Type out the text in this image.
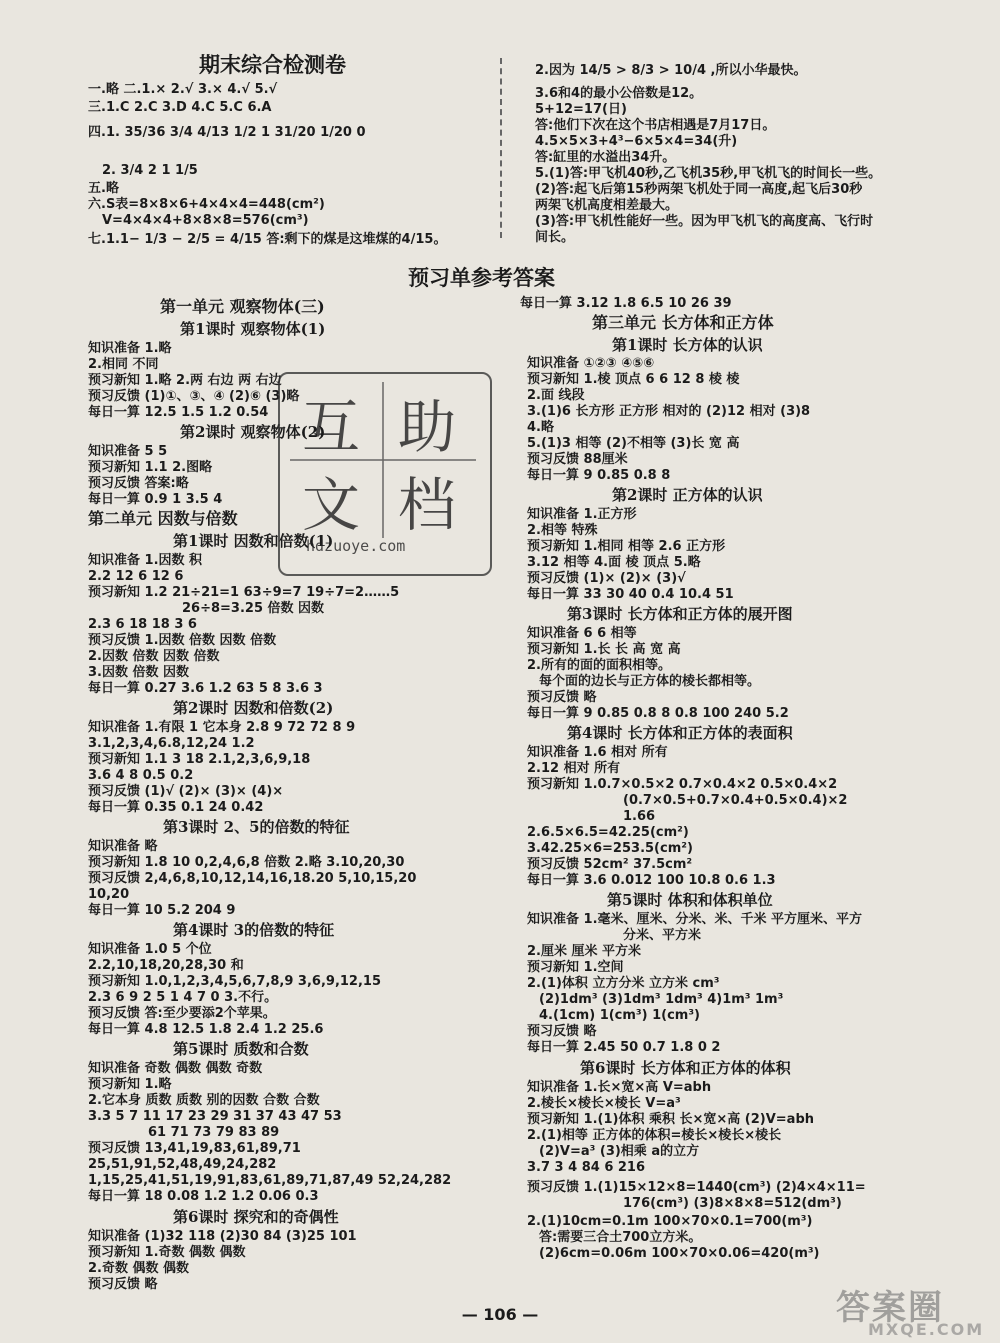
期末综合检测卷
一.略 二.1.× 2.√ 3.× 4.√ 5.√
三.1.C 2.C 3.D 4.C 5.C 6.A
四.1. 35/36 3/4 4/13 1/2 1 31/20 1/20 0
2. 3/4 2 1 1/5
五.略
六.S表=8×8×6+4×4×4=448(cm²)
V=4×4×4+8×8×8=576(cm³)
七.1.1− 1/3 − 2/5 = 4/15 答:剩下的煤是这堆煤的4/15。
预习单参考答案
第一单元 观察物体(三)
第1课时 观察物体(1)
知识准备 1.略
2.相同 不同
预习新知 1.略 2.两 右边 两 右边
预习反馈 (1)①、③、④ (2)⑥ (3)略
每日一算 12.5 1.5 1.2 0.54
第2课时 观察物体(2)
知识准备 5 5
预习新知 1.1 2.图略
预习反馈 答案:略
每日一算 0.9 1 3.5 4
第二单元 因数与倍数
第1课时 因数和倍数(1)
知识准备 1.因数 积
2.2 12 6 12 6
预习新知 1.2 21÷21=1 63÷9=7 19÷7=2……5
26÷8=3.25 倍数 因数
2.3 6 18 18 3 6
预习反馈 1.因数 倍数 因数 倍数
2.因数 倍数 因数 倍数
3.因数 倍数 因数
每日一算 0.27 3.6 1.2 63 5 8 3.6 3
第2课时 因数和倍数(2)
知识准备 1.有限 1 它本身 2.8 9 72 72 8 9
3.1,2,3,4,6.8,12,24 1.2
预习新知 1.1 3 18 2.1,2,3,6,9,18
3.6 4 8 0.5 0.2
预习反馈 (1)√ (2)× (3)× (4)×
每日一算 0.35 0.1 24 0.42
第3课时 2、5的倍数的特征
知识准备 略
预习新知 1.8 10 0,2,4,6,8 倍数 2.略 3.10,20,30
预习反馈 2,4,6,8,10,12,14,16,18.20 5,10,15,20
10,20
每日一算 10 5.2 204 9
第4课时 3的倍数的特征
知识准备 1.0 5 个位
2.2,10,18,20,28,30 和
预习新知 1.0,1,2,3,4,5,6,7,8,9 3,6,9,12,15
2.3 6 9 2 5 1 4 7 0 3.不行。
预习反馈 答:至少要添2个苹果。
每日一算 4.8 12.5 1.8 2.4 1.2 25.6
第5课时 质数和合数
知识准备 奇数 偶数 偶数 奇数
预习新知 1.略
2.它本身 质数 质数 别的因数 合数 合数
3.3 5 7 11 17 23 29 31 37 43 47 53
61 71 73 79 83 89
预习反馈 13,41,19,83,61,89,71
25,51,91,52,48,49,24,282
1,15,25,41,51,19,91,83,61,89,71,87,49 52,24,282
每日一算 18 0.08 1.2 1.2 0.06 0.3
第6课时 探究和的奇偶性
知识准备 (1)32 118 (2)30 84 (3)25 101
预习新知 1.奇数 偶数 偶数
2.奇数 偶数 偶数
预习反馈 略
2.因为 14/5 > 8/3 > 10/4 ,所以小华最快。
3.6和4的最小公倍数是12。
5+12=17(日)
答:他们下次在这个书店相遇是7月17日。
4.5×5×3+4³−6×5×4=34(升)
答:缸里的水溢出34升。
5.(1)答:甲飞机40秒,乙飞机35秒,甲飞机飞的时间长一些。
(2)答:起飞后第15秒两架飞机处于同一高度,起飞后30秒
两架飞机高度相差最大。
(3)答:甲飞机性能好一些。因为甲飞机飞的高度高、飞行时
间长。
每日一算 3.12 1.8 6.5 10 26 39
第三单元 长方体和正方体
第1课时 长方体的认识
知识准备 ①②③ ④⑤⑥
预习新知 1.棱 顶点 6 6 12 8 棱 棱
2.面 线段
3.(1)6 长方形 正方形 相对的 (2)12 相对 (3)8
4.略
5.(1)3 相等 (2)不相等 (3)长 宽 高
预习反馈 88厘米
每日一算 9 0.85 0.8 8
第2课时 正方体的认识
知识准备 1.正方形
2.相等 特殊
预习新知 1.相同 相等 2.6 正方形
3.12 相等 4.面 棱 顶点 5.略
预习反馈 (1)× (2)× (3)√
每日一算 33 30 40 0.4 10.4 51
第3课时 长方体和正方体的展开图
知识准备 6 6 相等
预习新知 1.长 长 高 宽 高
2.所有的面的面积相等。
每个面的边长与正方体的棱长都相等。
预习反馈 略
每日一算 9 0.85 0.8 8 0.8 100 240 5.2
第4课时 长方体和正方体的表面积
知识准备 1.6 相对 所有
2.12 相对 所有
预习新知 1.0.7×0.5×2 0.7×0.4×2 0.5×0.4×2
(0.7×0.5+0.7×0.4+0.5×0.4)×2
1.66
2.6.5×6.5=42.25(cm²)
3.42.25×6=253.5(cm²)
预习反馈 52cm² 37.5cm²
每日一算 3.6 0.012 100 10.8 0.6 1.3
第5课时 体积和体积单位
知识准备 1.毫米、厘米、分米、米、千米 平方厘米、平方
分米、平方米
2.厘米 厘米 平方米
预习新知 1.空间
2.(1)体积 立方分米 立方米 cm³
(2)1dm³ (3)1dm³ 1dm³ 4)1m³ 1m³
4.(1cm) 1(cm³) 1(cm³)
预习反馈 略
每日一算 2.45 50 0.7 1.8 0 2
第6课时 长方体和正方体的体积
知识准备 1.长×宽×高 V=abh
2.棱长×棱长×棱长 V=a³
预习新知 1.(1)体积 乘积 长×宽×高 (2)V=abh
2.(1)相等 正方体的体积=棱长×棱长×棱长
(2)V=a³ (3)相乘 a的立方
3.7 3 4 84 6 216
预习反馈 1.(1)15×12×8=1440(cm³) (2)4×4×11=
176(cm³) (3)8×8×8=512(dm³)
2.(1)10cm=0.1m 100×70×0.1=700(m³)
答:需要三合土700立方米。
(2)6cm=0.06m 100×70×0.06=420(m³)
互 助
文 档
hdzuoye.com
— 106 —	答案圈
MXQE.COM
